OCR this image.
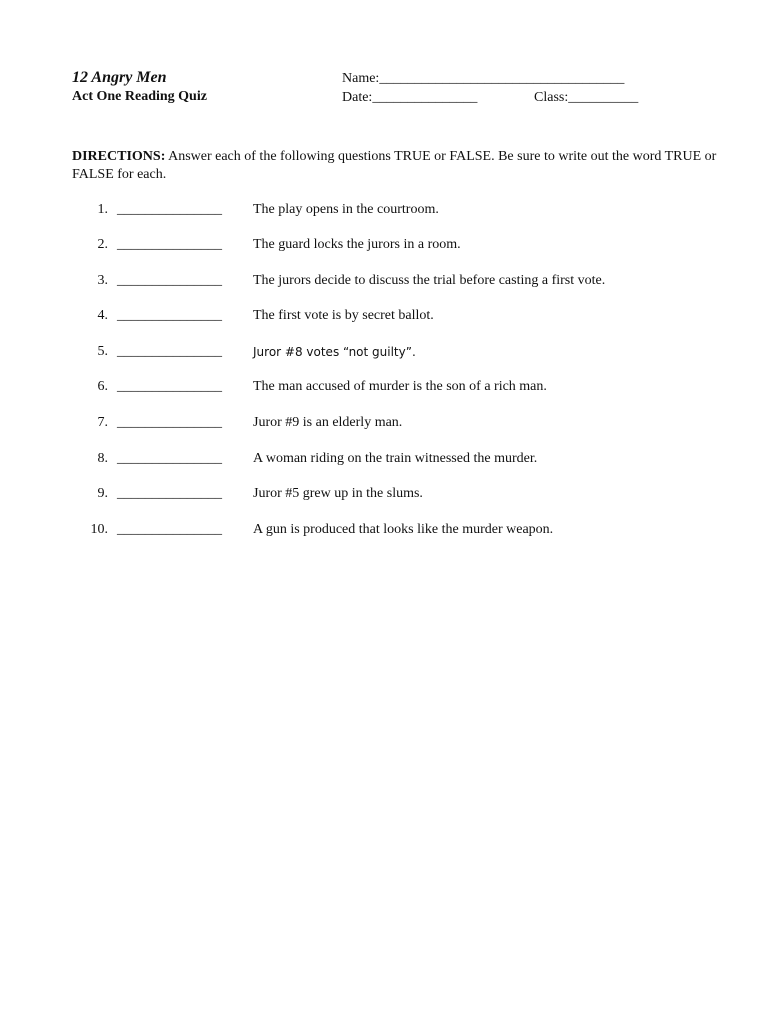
12 Angry Men
Act One Reading Quiz
Name:___________________________________
Date:_______________	Class:__________
DIRECTIONS: Answer each of the following questions TRUE or FALSE. Be sure to write out the word TRUE or FALSE for each.
1. _______________ The play opens in the courtroom.
2. _______________ The guard locks the jurors in a room.
3. _______________ The jurors decide to discuss the trial before casting a first vote.
4. _______________ The first vote is by secret ballot.
5. _______________	Juror #8 votes “not guilty”.
6. _______________ The man accused of murder is the son of a rich man.
7. _______________ Juror #9 is an elderly man.
8. _______________ A woman riding on the train witnessed the murder.
9. _______________ Juror #5 grew up in the slums.
10. _______________ A gun is produced that looks like the murder weapon.
